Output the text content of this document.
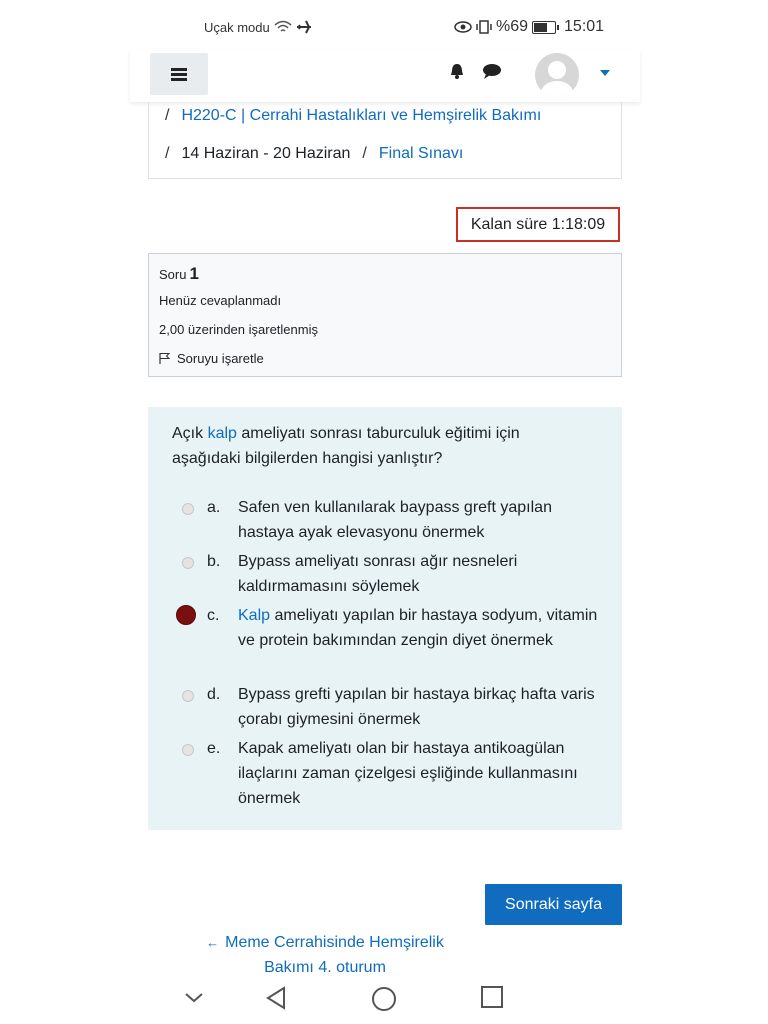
Uçak modu	%69 15:01
/ H220-C | Cerrahi Hastalıkları ve Hemşirelik Bakımı
/ 14 Haziran - 20 Haziran / Final Sınavı
Kalan süre 1:18:09
Soru 1
Henüz cevaplanmadı
2,00 üzerinden işaretlenmiş
Soruyu işaretle
Açık kalp ameliyatı sonrası taburculuk eğitimi için aşağıdaki bilgilerden hangisi yanlıştır?
a. Safen ven kullanılarak baypass greft yapılan hastaya ayak elevasyonu önermek
b. Bypass ameliyatı sonrası ağır nesneleri kaldırmamasını söylemek
c. Kalp ameliyatı yapılan bir hastaya sodyum, vitamin ve protein bakımından zengin diyet önermek
d. Bypass grefti yapılan bir hastaya birkaç hafta varis çorabı giymesini önermek
e. Kapak ameliyatı olan bir hastaya antikoagülan ilaçlarını zaman çizelgesi eşliğinde kullanmasını önermek
Sonraki sayfa
← Meme Cerrahisinde Hemşirelik Bakımı 4. oturum
